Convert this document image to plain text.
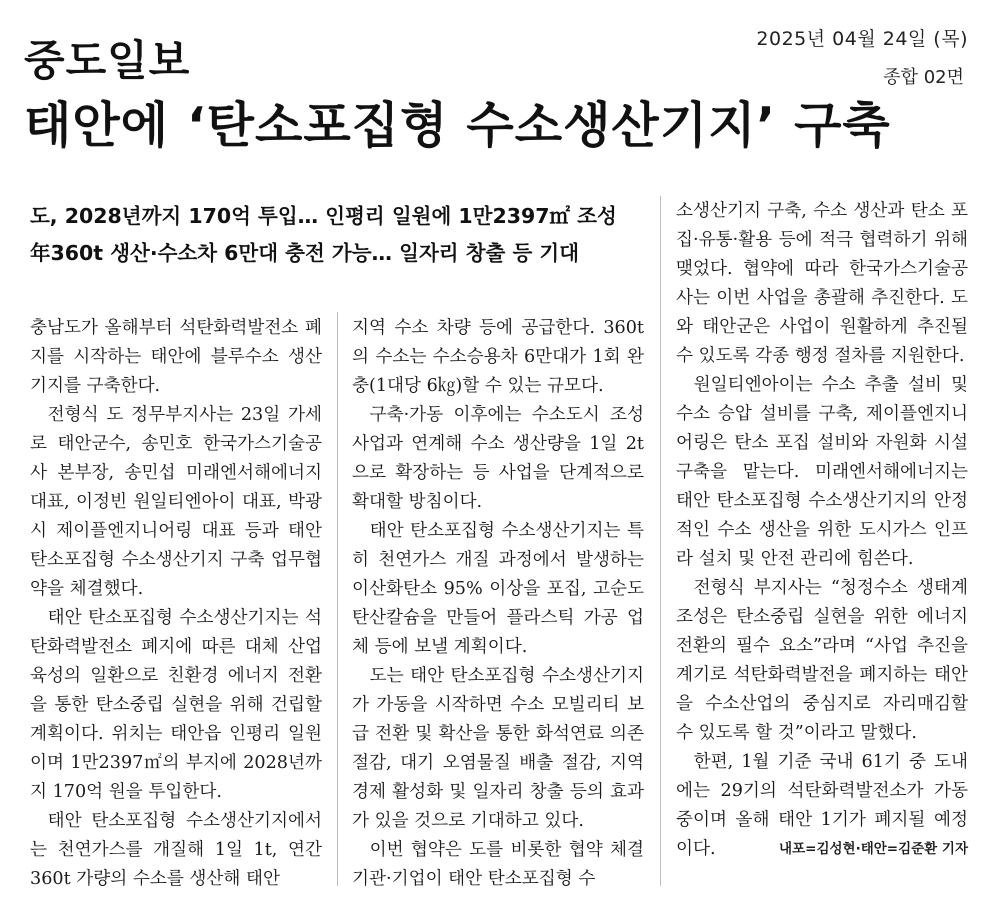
2025년 04월 24일 (목)
중도일보	종합 02면
태안에 ‘탄소포집형 수소생산기지’ 구축
도, 2028년까지 170억 투입… 인평리 일원에 1만2397㎡ 조성
年360t 생산·수소차 6만대 충전 가능… 일자리 창출 등 기대

충남도가 올해부터 석탄화력발전소 폐지를 시작하는 태안에 블루수소 생산기지를 구축한다.

전형식 도 정무부지사는 23일 가세로 태안군수, 송민호 한국가스기술공사 본부장, 송민섭 미래엔서해에너지 대표, 이정빈 원일티엔아이 대표, 박광시 제이플엔지니어링 대표 등과 태안 탄소포집형 수소생산기지 구축 업무협약을 체결했다.

태안 탄소포집형 수소생산기지는 석탄화력발전소 폐지에 따른 대체 산업 육성의 일환으로 친환경 에너지 전환을 통한 탄소중립 실현을 위해 건립할 계획이다. 위치는 태안읍 인평리 일원이며 1만2397㎡의 부지에 2028년까지 170억 원을 투입한다.

태안 탄소포집형 수소생산기지에서는 천연가스를 개질해 1일 1t, 연간 360t 가량의 수소를 생산해 태안

지역 수소 차량 등에 공급한다. 360t의 수소는 수소승용차 6만대가 1회 완충(1대당 6㎏)할 수 있는 규모다.

구축·가동 이후에는 수소도시 조성 사업과 연계해 수소 생산량을 1일 2t으로 확장하는 등 사업을 단계적으로 확대할 방침이다.

태안 탄소포집형 수소생산기지는 특히 천연가스 개질 과정에서 발생하는 이산화탄소 95% 이상을 포집, 고순도 탄산칼슘을 만들어 플라스틱 가공 업체 등에 보낼 계획이다.

도는 태안 탄소포집형 수소생산기지가 가동을 시작하면 수소 모빌리티 보급 전환 및 확산을 통한 화석연료 의존 절감, 대기 오염물질 배출 절감, 지역경제 활성화 및 일자리 창출 등의 효과가 있을 것으로 기대하고 있다.

이번 협약은 도를 비롯한 협약 체결 기관·기업이 태안 탄소포집형 수

소생산기지 구축, 수소 생산과 탄소 포집·유통·활용 등에 적극 협력하기 위해 맺었다. 협약에 따라 한국가스기술공사는 이번 사업을 총괄해 추진한다. 도와 태안군은 사업이 원활하게 추진될 수 있도록 각종 행정 절차를 지원한다.

원일티엔아이는 수소 추출 설비 및 수소 승압 설비를 구축, 제이플엔지니어링은 탄소 포집 설비와 자원화 시설 구축을 맡는다. 미래엔서해에너지는 태안 탄소포집형 수소생산기지의 안정적인 수소 생산을 위한 도시가스 인프라 설치 및 안전 관리에 힘쓴다.

전형식 부지사는 “청정수소 생태계 조성은 탄소중립 실현을 위한 에너지 전환의 필수 요소”라며 “사업 추진을 계기로 석탄화력발전을 폐지하는 태안을 수소산업의 중심지로 자리매김할 수 있도록 할 것”이라고 말했다.

한편, 1월 기준 국내 61기 중 도내에는 29기의 석탄화력발전소가 가동 중이며 올해 태안 1기가 폐지될 예정이다.	내포=김성현·태안=김준환 기자
